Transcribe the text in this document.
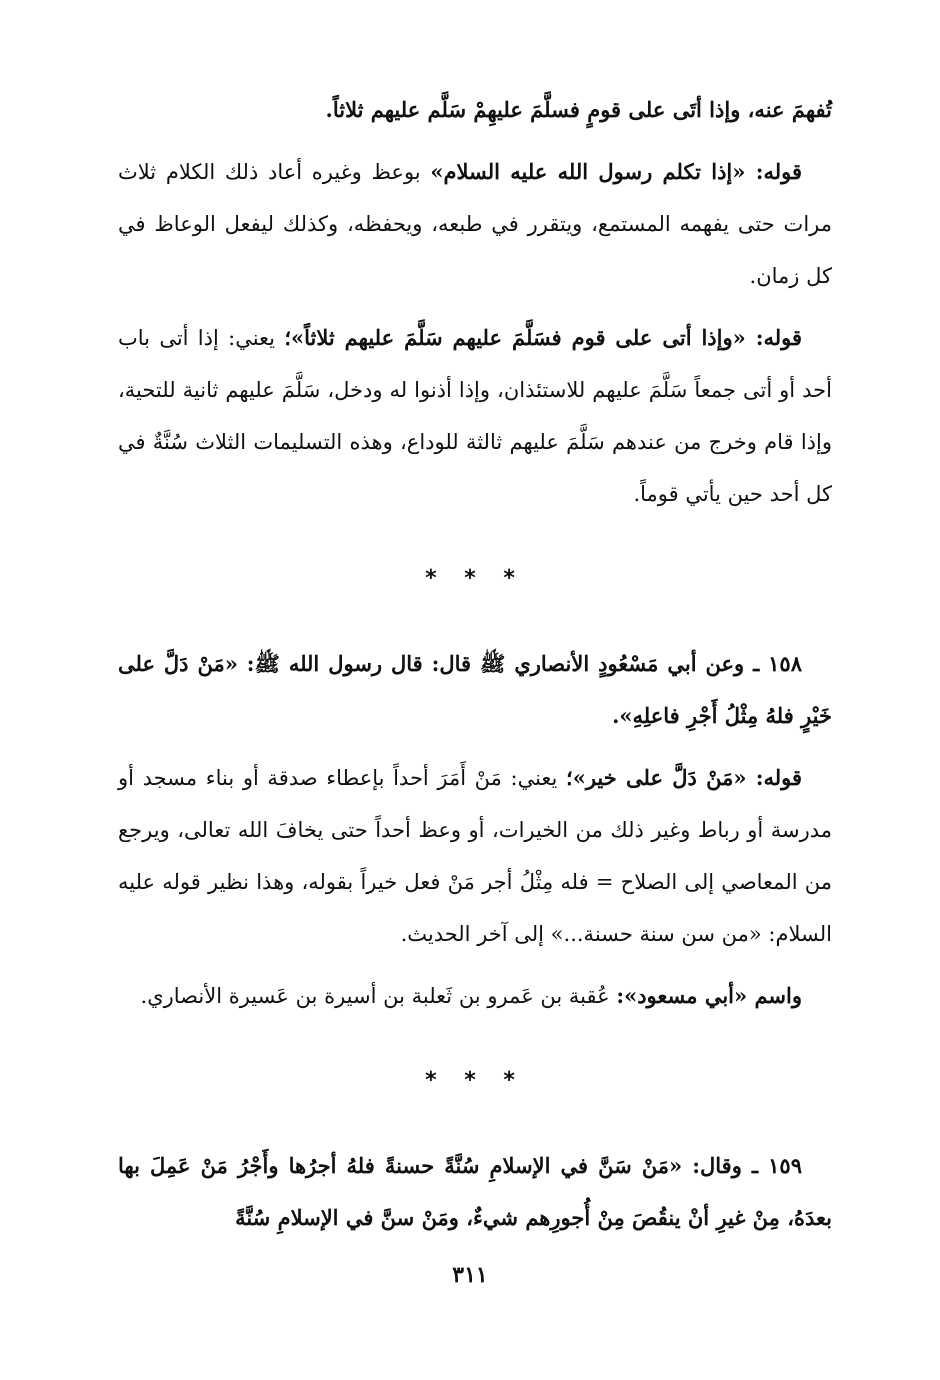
تُفهمَ عنه، وإذا أتَى على قومٍ فسلَّمَ عليهِمْ سَلَّم عليهم ثلاثاً.

قوله: «إذا تكلم رسول الله عليه السلام» بوعظ وغيره أعاد ذلك الكلام ثلاث مرات حتى يفهمه المستمع، ويتقرر في طبعه، ويحفظه، وكذلك ليفعل الوعاظ في كل زمان.

قوله: «وإذا أتى على قوم فسَلَّمَ عليهم سَلَّمَ عليهم ثلاثاً»؛ يعني: إذا أتى باب أحد أو أتى جمعاً سَلَّمَ عليهم للاستئذان، وإذا أذنوا له ودخل، سَلَّمَ عليهم ثانية للتحية، وإذا قام وخرج من عندهم سَلَّمَ عليهم ثالثة للوداع، وهذه التسليمات الثلاث سُنَّةٌ في كل أحد حين يأتي قوماً.

* * *

١٥٨ ـ وعن أبي مَسْعُودٍ الأنصاري ﷺ قال: قال رسول الله ﷺ: «مَنْ دَلَّ على خَيْرٍ فلهُ مِثْلُ أَجْرِ فاعلِهِ».

قوله: «مَنْ دَلَّ على خير»؛ يعني: مَنْ أَمَرَ أحداً بإعطاء صدقة أو بناء مسجد أو مدرسة أو رباط وغير ذلك من الخيرات، أو وعظ أحداً حتى يخافَ الله تعالى، ويرجع من المعاصي إلى الصلاح = فله مِثْلُ أجر مَنْ فعل خيراً بقوله، وهذا نظير قوله عليه السلام: «من سن سنة حسنة...» إلى آخر الحديث.

واسم «أبي مسعود»: عُقبة بن عَمرو بن ثَعلبة بن أسيرة بن عَسيرة الأنصاري.

* * *

١٥٩ ـ وقال: «مَنْ سَنَّ في الإسلامِ سُنَّةً حسنةً فلهُ أجرُها وأَجْرُ مَنْ عَمِلَ بها بعدَهُ، مِنْ غيرِ أنْ ينقُصَ مِنْ أُجورِهم شيءٌ، ومَنْ سنَّ في الإسلامِ سُنَّةً

٣١١
